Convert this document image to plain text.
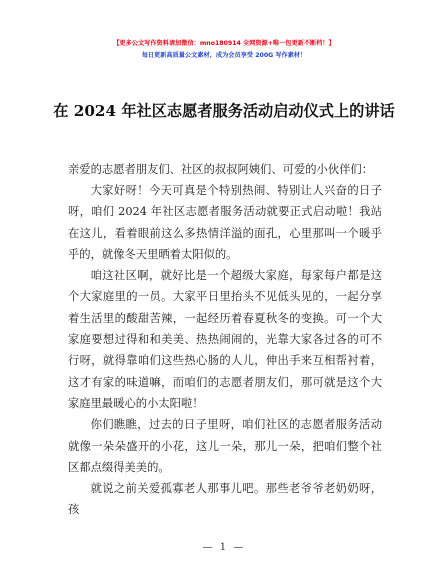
【更多公文写作资料请加微信：mno180914 全网资源+唯一包更新不断档！】
每日更新高质量公文素材，成为会员享受 200G 写作素材！
在 2024 年社区志愿者服务活动启动仪式上的讲话
亲爱的志愿者朋友们、社区的叔叔阿姨们、可爱的小伙伴们：

大家好呀！今天可真是个特别热闹、特别让人兴奋的日子呀，咱们 2024 年社区志愿者服务活动就要正式启动啦！我站在这儿，看着眼前这么多热情洋溢的面孔，心里那叫一个暖乎乎的，就像冬天里晒着太阳似的。

咱这社区啊，就好比是一个超级大家庭，每家每户都是这个大家庭里的一员。大家平日里抬头不见低头见的，一起分享着生活里的酸甜苦辣，一起经历着春夏秋冬的变换。可一个大家庭要想过得和和美美、热热闹闹的，光靠大家各过各的可不行呀，就得靠咱们这些热心肠的人儿，伸出手来互相帮衬着，这才有家的味道嘛，而咱们的志愿者朋友们，那可就是这个大家庭里最暖心的小太阳啦！

你们瞧瞧，过去的日子里呀，咱们社区的志愿者服务活动就像一朵朵盛开的小花，这儿一朵，那儿一朵，把咱们整个社区都点缀得美美的。

就说之前关爱孤寡老人那事儿吧。那些老爷爷老奶奶呀，孩

— 1 —
